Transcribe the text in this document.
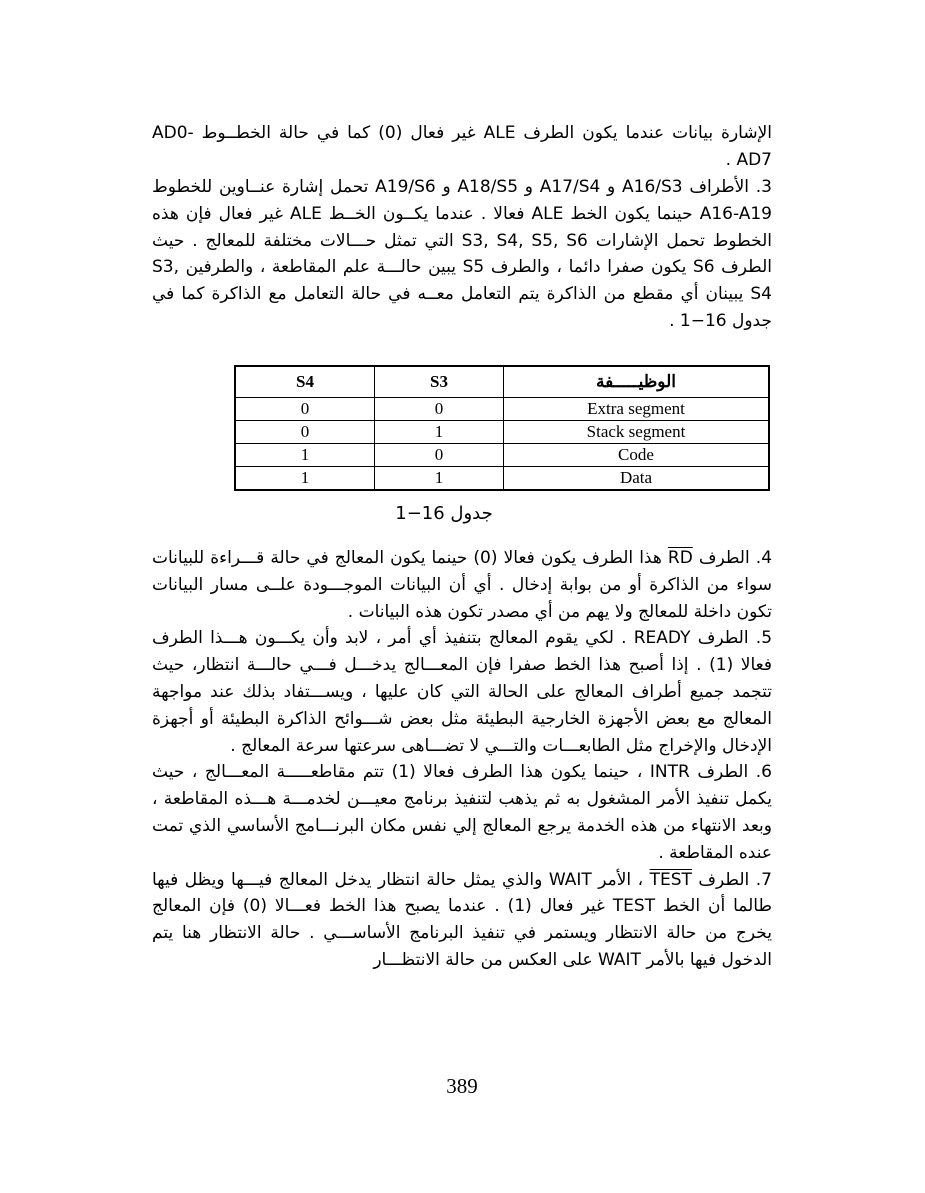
الإشارة بيانات عندما يكون الطرف ALE غير فعال (0) كما في حالة الخطــوط AD0-AD7 .

3. الأطراف A16/S3 و A17/S4 و A18/S5 و A19/S6 تحمل إشارة عنــاوين للخطوط A16-A19 حينما يكون الخط ALE فعالا . عندما يكــون الخــط ALE غير فعال فإن هذه الخطوط تحمل الإشارات S3, S4, S5, S6 التي تمثل حـــالات مختلفة للمعالج . حيث الطرف S6 يكون صفرا دائما ، والطرف S5 يبين حالـــة علم المقاطعة ، والطرفين S3, S4 يبينان أي مقطع من الذاكرة يتم التعامل معــه في حالة التعامل مع الذاكرة كما في جدول 16−1 .

S4	S3	الوظيـــــفة
0	0	Extra segment
0	1	Stack segment
1	0	Code
1	1	Data
جدول 16−1

4. الطرف RD هذا الطرف يكون فعالا (0) حينما يكون المعالج في حالة قـــراءة للبيانات سواء من الذاكرة أو من بوابة إدخال . أي أن البيانات الموجـــودة علــى مسار البيانات تكون داخلة للمعالج ولا يهم من أي مصدر تكون هذه البيانات .

5. الطرف READY . لكي يقوم المعالج بتنفيذ أي أمر ، لابد وأن يكـــون هـــذا الطرف فعالا (1) . إذا أصبح هذا الخط صفرا فإن المعـــالج يدخـــل فـــي حالـــة انتظار، حيث تتجمد جميع أطراف المعالج على الحالة التي كان عليها ، ويســـتفاد بذلك عند مواجهة المعالج مع بعض الأجهزة الخارجية البطيئة مثل بعض شـــوائح الذاكرة البطيئة أو أجهزة الإدخال والإخراج مثل الطابعـــات والتـــي لا تضـــاهى سرعتها سرعة المعالج .

6. الطرف INTR ، حينما يكون هذا الطرف فعالا (1) تتم مقاطعـــــة المعـــالج ، حيث يكمل تنفيذ الأمر المشغول به ثم يذهب لتنفيذ برنامج معيـــن لخدمـــة هـــذه المقاطعة ، وبعد الانتهاء من هذه الخدمة يرجع المعالج إلي نفس مكان البرنـــامج الأساسي الذي تمت عنده المقاطعة .

7. الطرف TEST ، الأمر WAIT والذي يمثل حالة انتظار يدخل المعالج فيـــها ويظل فيها طالما أن الخط TEST غير فعال (1) . عندما يصبح هذا الخط فعـــالا (0) فإن المعالج يخرج من حالة الانتظار ويستمر في تنفيذ البرنامج الأساســـي . حالة الانتظار هنا يتم الدخول فيها بالأمر WAIT على العكس من حالة الانتظـــار

389
